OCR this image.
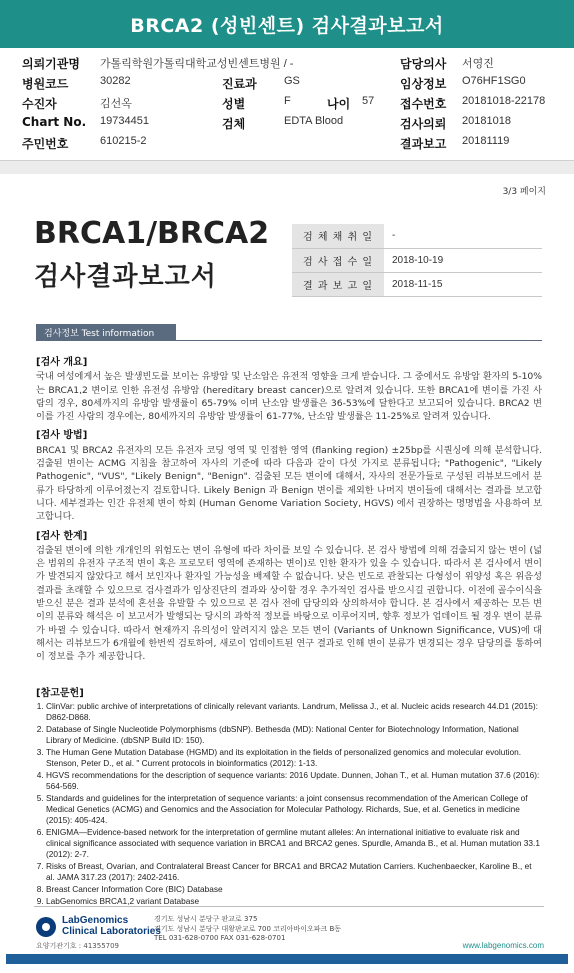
BRCA2 (성빈센트) 검사결과보고서
의뢰기관명 가톨릭학원가톨릭대학교성빈센트병원 / -	담당의사 서영진
병원코드	30282	진료과 GS	임상정보 O76HF1SG0
수진자	김선옥	성별	F	나이 57 접수번호 20181018-22178
Chart No. 19734451	검체	EDTA Blood	검사의뢰 20181018
주민번호	610215-2	결과보고 20181119
3/3 페이지
BRCA1/BRCA2
검사결과보고서
검 체 채 취 일	-
검 사 접 수 일	2018-10-19
결 과 보 고 일	2018-11-15
검사정보 Test information
[검사 개요]
국내 여성에게서 높은 발생빈도를 보이는 유방암 및 난소암은 유전적 영향을 크게 받습니다. 그 중에서도 유방암 환자의 5-10%는 BRCA1,2 변이로 인한 유전성 유방암 (hereditary breast cancer)으로 알려져 있습니다. 또한 BRCA1에 변이를 가진 사람의 경우, 80세까지의 유방암 발생률이 65-79% 이며 난소암 발생률은 36-53%에 달한다고 보고되어 있습니다. BRCA2 변이를 가진 사람의 경우에는, 80세까지의 유방암 발생률이 61-77%, 난소암 발생률은 11-25%로 알려져 있습니다.
[검사 방법]
BRCA1 및 BRCA2 유전자의 모든 유전자 코딩 영역 및 인접한 영역 (flanking region) ±25bp를 시퀀싱에 의해 분석합니다. 검출된 변이는 ACMG 지침을 참고하여 자사의 기준에 따라 다음과 같이 다섯 가지로 분류됩니다; "Pathogenic", "Likely Pathogenic", "VUS", "Likely Benign", "Benign". 검출된 모든 변이에 대해서, 자사의 전문가들로 구성된 리뷰보드에서 분류가 타당하게 이루어졌는지 검토합니다. Likely Benign 과 Benign 변이를 제외한 나머지 변이들에 대해서는 결과를 보고합니다. 세부결과는 인간 유전체 변이 학회 (Human Genome Variation Society, HGVS) 에서 권장하는 명명법을 사용하여 보고합니다.
[검사 한계]
검출된 변이에 의한 개개인의 위험도는 변이 유형에 따라 차이를 보일 수 있습니다. 본 검사 방법에 의해 검출되지 않는 변이 (넓은 범위의 유전자 구조적 변이 혹은 프로모터 영역에 존재하는 변이)로 인한 환자가 있을 수 있습니다. 따라서 본 검사에서 변이가 발견되지 않았다고 해서 보인자나 환자일 가능성을 배제할 수 없습니다. 낮은 빈도로 관찰되는 다형성이 위양성 혹은 위음성 결과를 초래할 수 있으므로 검사결과가 임상진단의 결과와 상이할 경우 추가적인 검사를 받으시길 권합니다. 이전에 골수이식을 받으신 분은 결과 분석에 혼선을 유발할 수 있으므로 본 검사 전에 담당의와 상의하셔야 합니다. 본 검사에서 제공하는 모든 변이의 분류와 해석은 이 보고서가 발행되는 당시의 과학적 정보를 바탕으로 이루어지며, 향후 정보가 업데이트 될 경우 변이 분류가 바뀔 수 있습니다. 따라서 현재까지 유의성이 알려지지 않은 모든 변이 (Variants of Unknown Significance, VUS)에 대해서는 리뷰보드가 6개월에 한번씩 검토하여, 새로이 업데이트된 연구 결과로 인해 변이 분류가 변경되는 경우 담당의를 통하여 이 정보를 추가 제공합니다.
[참고문헌]
1. ClinVar: public archive of interpretations of clinically relevant variants. Landrum, Melissa J., et al. Nucleic acids research 44.D1 (2015): D862-D868.
2. Database of Single Nucleotide Polymorphisms (dbSNP). Bethesda (MD): National Center for Biotechnology Information, National Library of Medicine. (dbSNP Build ID: 150).
3. The Human Gene Mutation Database (HGMD) and its exploitation in the fields of personalized genomics and molecular evolution. Stenson, Peter D., et al. " Current protocols in bioinformatics (2012): 1-13.
4. HGVS recommendations for the description of sequence variants: 2016 Update. Dunnen, Johan T., et al. Human mutation 37.6 (2016): 564-569.
5. Standards and guidelines for the interpretation of sequence variants: a joint consensus recommendation of the American College of Medical Genetics (ACMG) and Genomics and the Association for Molecular Pathology. Richards, Sue, et al. Genetics in medicine (2015): 405-424.
6. ENIGMA—Evidence-based network for the interpretation of germline mutant alleles: An international initiative to evaluate risk and clinical significance associated with sequence variation in BRCA1 and BRCA2 genes. Spurdle, Amanda B., et al. Human mutation 33.1 (2012): 2-7.
7. Risks of Breast, Ovarian, and Contralateral Breast Cancer for BRCA1 and BRCA2 Mutation Carriers. Kuchenbaecker, Karoline B., et al. JAMA 317.23 (2017): 2402-2416.
8. Breast Cancer Information Core (BIC) Database
9. LabGenomics BRCA1,2 variant Database
LabGenomics
Clinical Laboratories
요양기관기호 : 41355709
경기도 성남시 분당구 판교로 375
경기도 성남시 분당구 대왕판교로 700 코리아바이오파크 B동
TEL 031-628-0700 FAX 031-628-0701
www.labgenomics.com
